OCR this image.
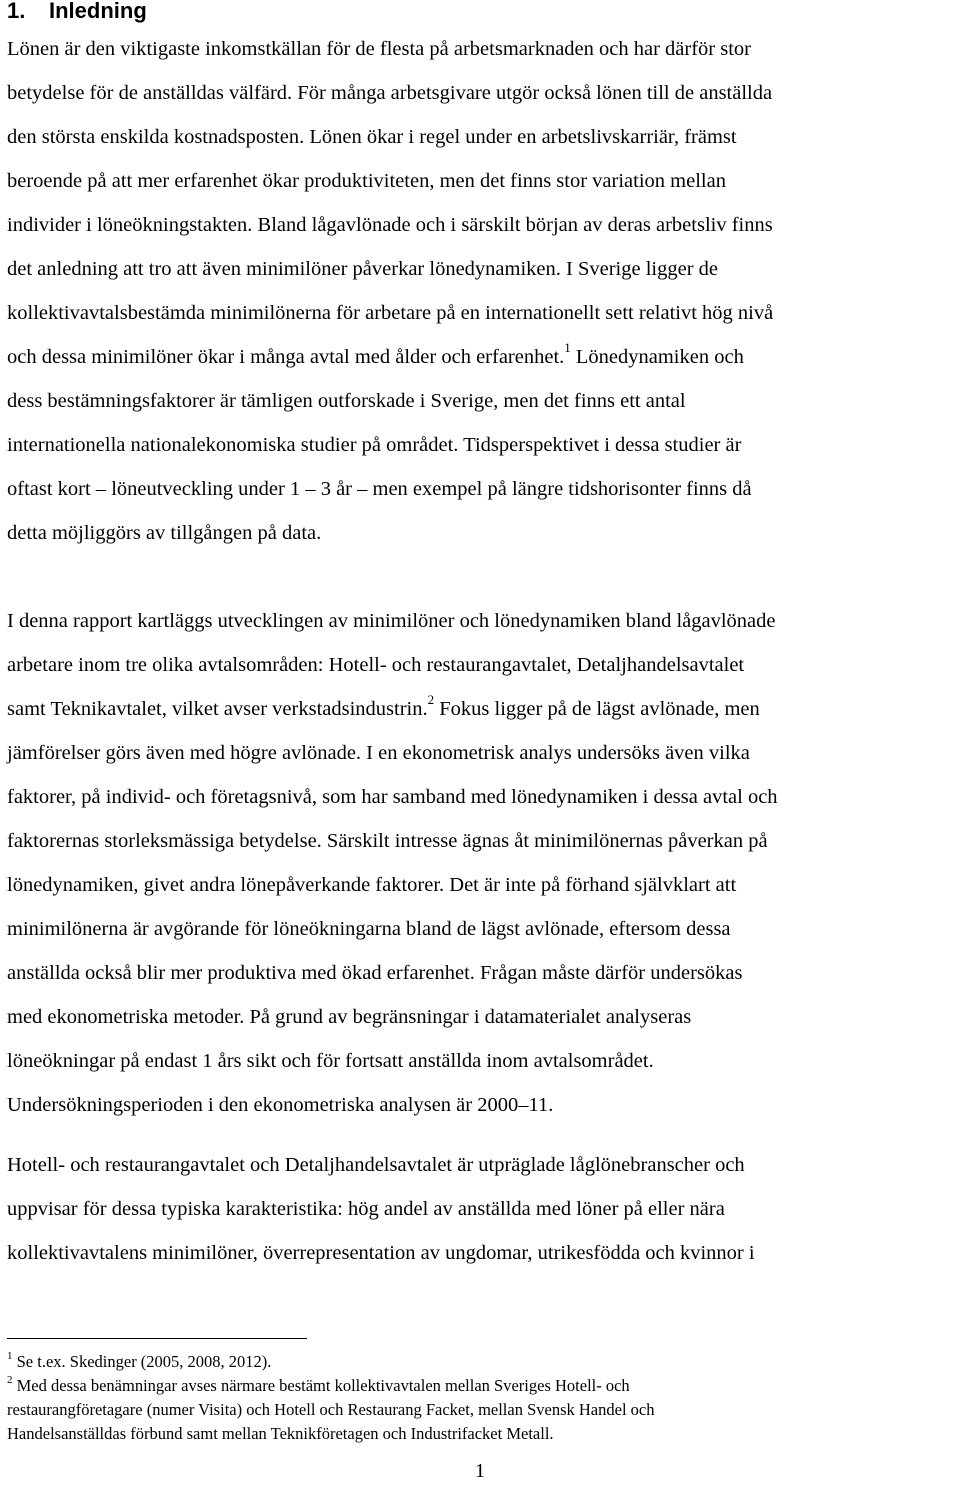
1. Inledning

Lönen är den viktigaste inkomstkällan för de flesta på arbetsmarknaden och har därför stor
betydelse för de anställdas välfärd. För många arbetsgivare utgör också lönen till de anställda
den största enskilda kostnadsposten. Lönen ökar i regel under en arbetslivskarriär, främst
beroende på att mer erfarenhet ökar produktiviteten, men det finns stor variation mellan
individer i löneökningstakten. Bland lågavlönade och i särskilt början av deras arbetsliv finns
det anledning att tro att även minimilöner påverkar lönedynamiken. I Sverige ligger de
kollektivavtalsbestämda minimilönerna för arbetare på en internationellt sett relativt hög nivå
och dessa minimilöner ökar i många avtal med ålder och erfarenhet.$^1$ Lönedynamiken och
dess bestämningsfaktorer är tämligen outforskade i Sverige, men det finns ett antal
internationella nationalekonomiska studier på området. Tidsperspektivet i dessa studier är
oftast kort – löneutveckling under 1 – 3 år – men exempel på längre tidshorisonter finns då
detta möjliggörs av tillgången på data.

I denna rapport kartläggs utvecklingen av minimilöner och lönedynamiken bland lågavlönade
arbetare inom tre olika avtalsområden: Hotell- och restaurangavtalet, Detaljhandelsavtalet
samt Teknikavtalet, vilket avser verkstadsindustrin.$^2$ Fokus ligger på de lägst avlönade, men
jämförelser görs även med högre avlönade. I en ekonometrisk analys undersöks även vilka
faktorer, på individ- och företagsnivå, som har samband med lönedynamiken i dessa avtal och
faktorernas storleksmässiga betydelse. Särskilt intresse ägnas åt minimilönernas påverkan på
lönedynamiken, givet andra lönepåverkande faktorer. Det är inte på förhand självklart att
minimilönerna är avgörande för löneökningarna bland de lägst avlönade, eftersom dessa
anställda också blir mer produktiva med ökad erfarenhet. Frågan måste därför undersökas
med ekonometriska metoder. På grund av begränsningar i datamaterialet analyseras
löneökningar på endast 1 års sikt och för fortsatt anställda inom avtalsområdet.
Undersökningsperioden i den ekonometriska analysen är 2000–11.

Hotell- och restaurangavtalet och Detaljhandelsavtalet är utpräglade låglönebranscher och
uppvisar för dessa typiska karakteristika: hög andel av anställda med löner på eller nära
kollektivavtalens minimilöner, överrepresentation av ungdomar, utrikesfödda och kvinnor i

$^1$ Se t.ex. Skedinger (2005, 2008, 2012).
$^2$ Med dessa benämningar avses närmare bestämt kollektivavtalen mellan Sveriges Hotell- och
restaurangföretagare (numer Visita) och Hotell och Restaurang Facket, mellan Svensk Handel och
Handelsanställdas förbund samt mellan Teknikföretagen och Industrifacket Metall.
1
